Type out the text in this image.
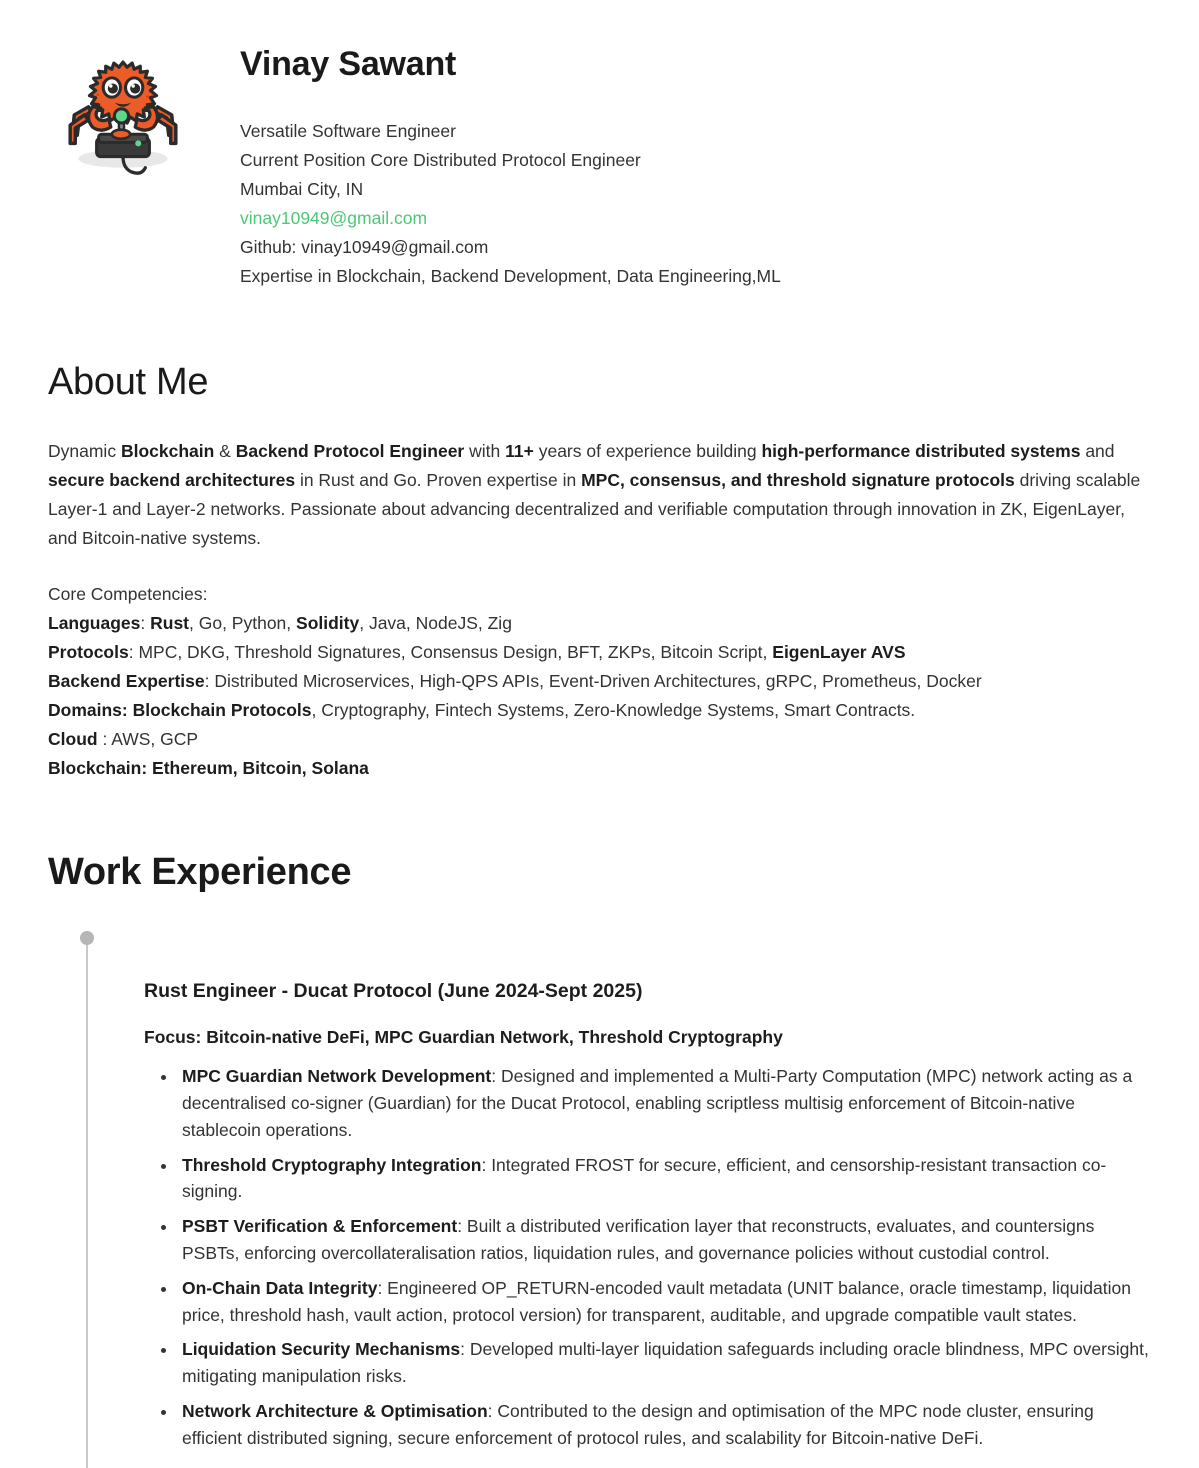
Vinay Sawant
Versatile Software Engineer
Current Position Core Distributed Protocol Engineer
Mumbai City, IN
vinay10949@gmail.com
Github: vinay10949@gmail.com
Expertise in Blockchain, Backend Development, Data Engineering,ML
About Me

Dynamic Blockchain & Backend Protocol Engineer with 11+ years of experience building high-performance distributed systems and secure backend architectures in Rust and Go. Proven expertise in MPC, consensus, and threshold signature protocols driving scalable Layer-1 and Layer-2 networks. Passionate about advancing decentralized and verifiable computation through innovation in ZK, EigenLayer, and Bitcoin-native systems.

Core Competencies:
Languages: Rust, Go, Python, Solidity, Java, NodeJS, Zig
Protocols: MPC, DKG, Threshold Signatures, Consensus Design, BFT, ZKPs, Bitcoin Script, EigenLayer AVS
Backend Expertise: Distributed Microservices, High-QPS APIs, Event-Driven Architectures, gRPC, Prometheus, Docker
Domains: Blockchain Protocols, Cryptography, Fintech Systems, Zero-Knowledge Systems, Smart Contracts.
Cloud : AWS, GCP
Blockchain: Ethereum, Bitcoin, Solana
Work Experience
Rust Engineer - Ducat Protocol (June 2024-Sept 2025)
Focus: Bitcoin-native DeFi, MPC Guardian Network, Threshold Cryptography
• MPC Guardian Network Development: Designed and implemented a Multi-Party Computation (MPC) network acting as a decentralised co-signer (Guardian) for the Ducat Protocol, enabling scriptless multisig enforcement of Bitcoin-native stablecoin operations.
• Threshold Cryptography Integration: Integrated FROST for secure, efficient, and censorship-resistant transaction co-signing.
• PSBT Verification & Enforcement: Built a distributed verification layer that reconstructs, evaluates, and countersigns PSBTs, enforcing overcollateralisation ratios, liquidation rules, and governance policies without custodial control.
• On-Chain Data Integrity: Engineered OP_RETURN-encoded vault metadata (UNIT balance, oracle timestamp, liquidation price, threshold hash, vault action, protocol version) for transparent, auditable, and upgrade compatible vault states.
• Liquidation Security Mechanisms: Developed multi-layer liquidation safeguards including oracle blindness, MPC oversight, mitigating manipulation risks.
• Network Architecture & Optimisation: Contributed to the design and optimisation of the MPC node cluster, ensuring efficient distributed signing, secure enforcement of protocol rules, and scalability for Bitcoin-native DeFi.
